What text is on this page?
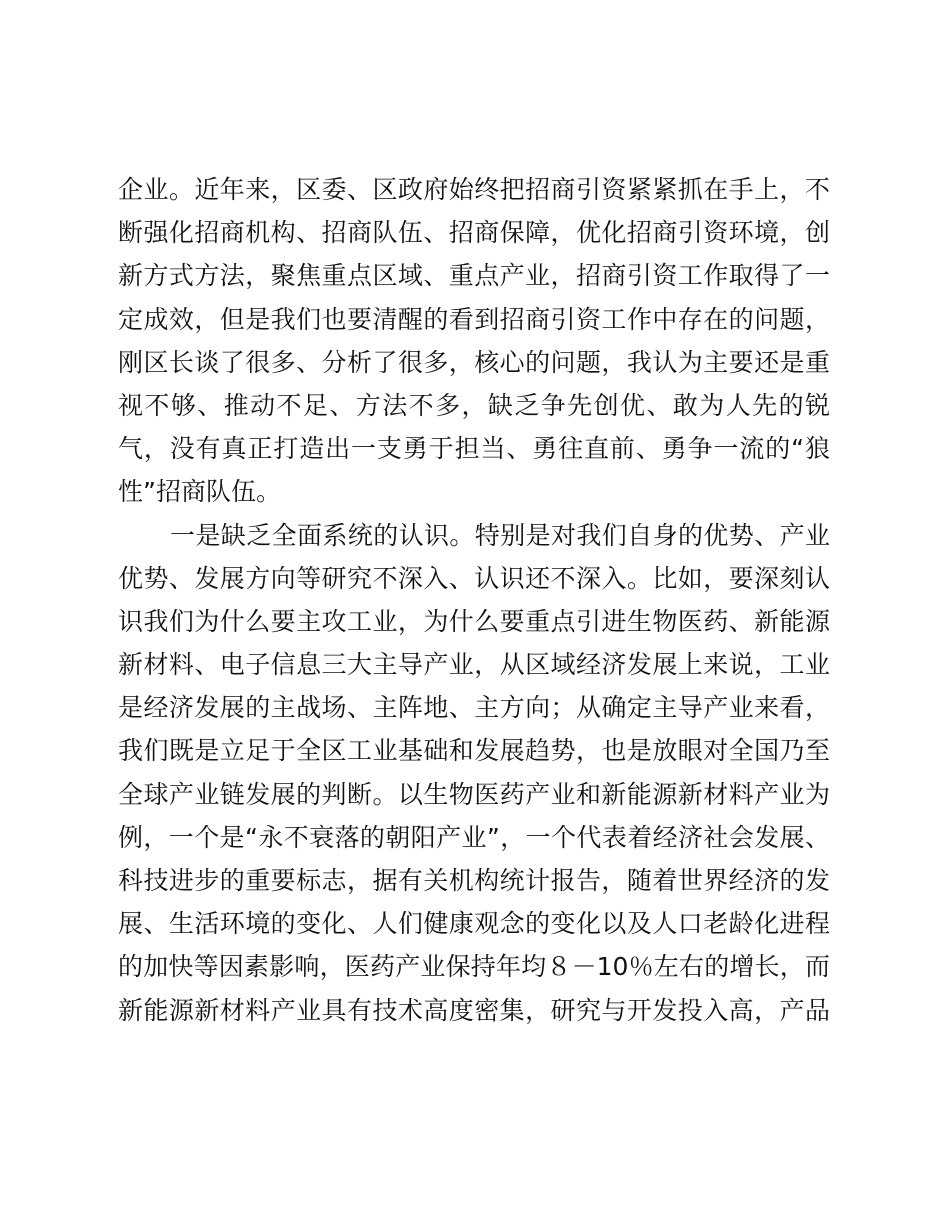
企业。近年来，区委、区政府始终把招商引资紧紧抓在手上，不
断强化招商机构、招商队伍、招商保障，优化招商引资环境，创
新方式方法，聚焦重点区域、重点产业，招商引资工作取得了一
定成效，但是我们也要清醒的看到招商引资工作中存在的问题，
刚区长谈了很多、分析了很多，核心的问题，我认为主要还是重
视不够、推动不足、方法不多，缺乏争先创优、敢为人先的锐
气，没有真正打造出一支勇于担当、勇往直前、勇争一流的“狼
性”招商队伍。
一是缺乏全面系统的认识。特别是对我们自身的优势、产业
优势、发展方向等研究不深入、认识还不深入。比如，要深刻认
识我们为什么要主攻工业，为什么要重点引进生物医药、新能源
新材料、电子信息三大主导产业，从区域经济发展上来说，工业
是经济发展的主战场、主阵地、主方向；从确定主导产业来看，
我们既是立足于全区工业基础和发展趋势，也是放眼对全国乃至
全球产业链发展的判断。以生物医药产业和新能源新材料产业为
例，一个是“永不衰落的朝阳产业”，一个代表着经济社会发展、
科技进步的重要标志，据有关机构统计报告，随着世界经济的发
展、生活环境的变化、人们健康观念的变化以及人口老龄化进程
的加快等因素影响，医药产业保持年均８－10％左右的增长，而
新能源新材料产业具有技术高度密集，研究与开发投入高，产品
